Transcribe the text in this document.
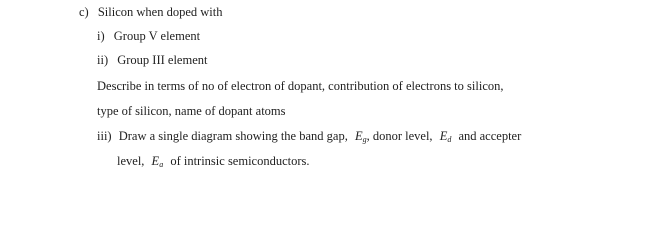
c) Silicon when doped with
i) Group V element
ii) Group III element
Describe in terms of no of electron of dopant, contribution of electrons to silicon,
type of silicon, name of dopant atoms
iii) Draw a single diagram showing the band gap, Eg, donor level, Ed and accepter
level, Ea of intrinsic semiconductors.
